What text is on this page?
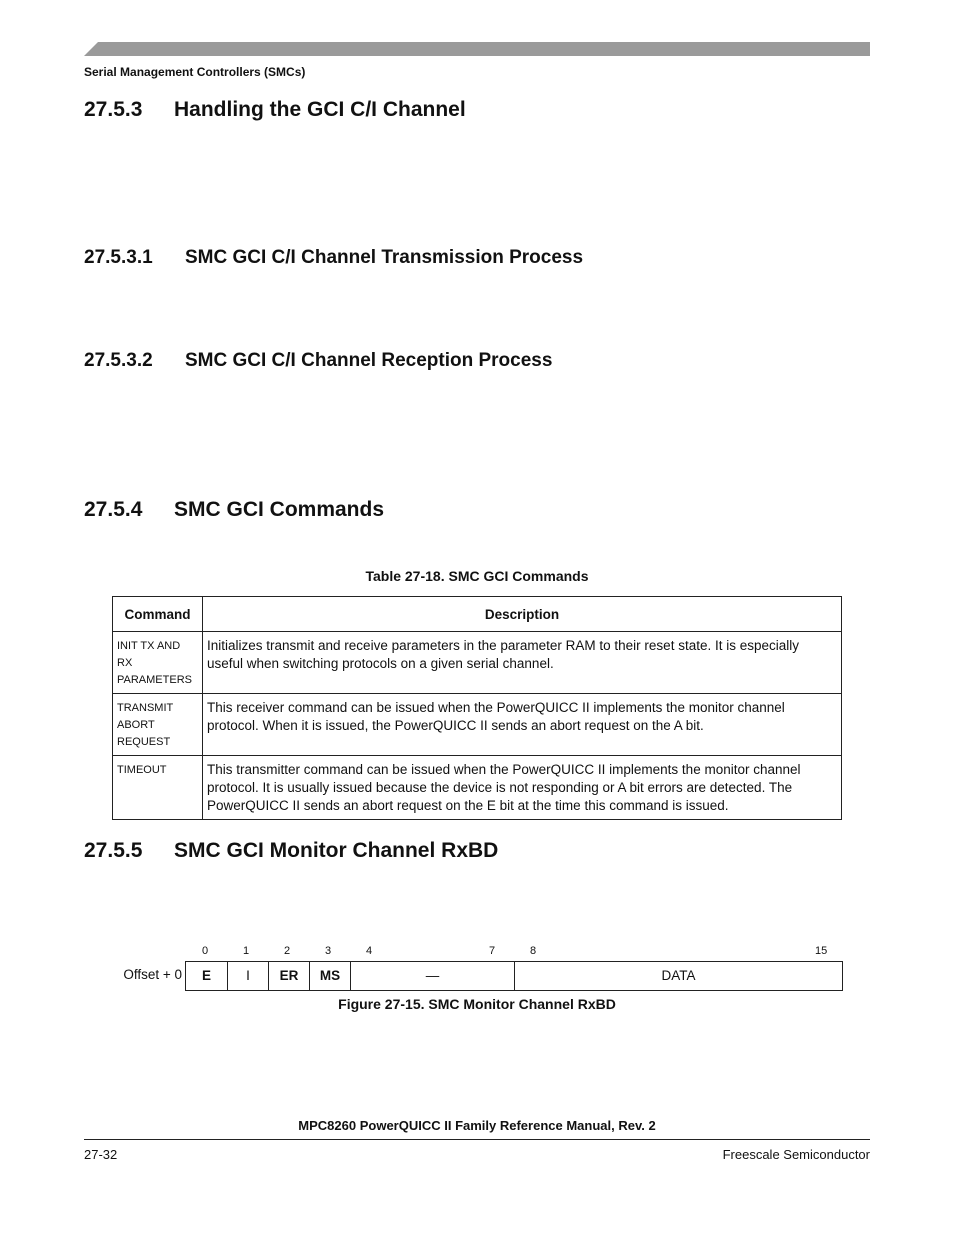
Serial Management Controllers (SMCs)
27.5.3 Handling the GCI C/I Channel
27.5.3.1 SMC GCI C/I Channel Transmission Process
27.5.3.2 SMC GCI C/I Channel Reception Process
27.5.4 SMC GCI Commands
Table 27-18. SMC GCI Commands
Command	Description

INIT TX AND
RX
PARAMETERS	Initializes transmit and receive parameters in the parameter RAM to their reset state. It is especially useful when switching protocols on a given serial channel.

TRANSMIT
ABORT
REQUEST	This receiver command can be issued when the PowerQUICC II implements the monitor channel protocol. When it is issued, the PowerQUICC II sends an abort request on the A bit.

TIMEOUT	This transmitter command can be issued when the PowerQUICC II implements the monitor channel protocol. It is usually issued because the device is not responding or A bit errors are detected. The PowerQUICC II sends an abort request on the E bit at the time this command is issued.
27.5.5 SMC GCI Monitor Channel RxBD
0	1	2	3	4	7	8	15
Offset + 0	E	I	ER	MS	—	DATA
Figure 27-15. SMC Monitor Channel RxBD
MPC8260 PowerQUICC II Family Reference Manual, Rev. 2
27-32	Freescale Semiconductor
